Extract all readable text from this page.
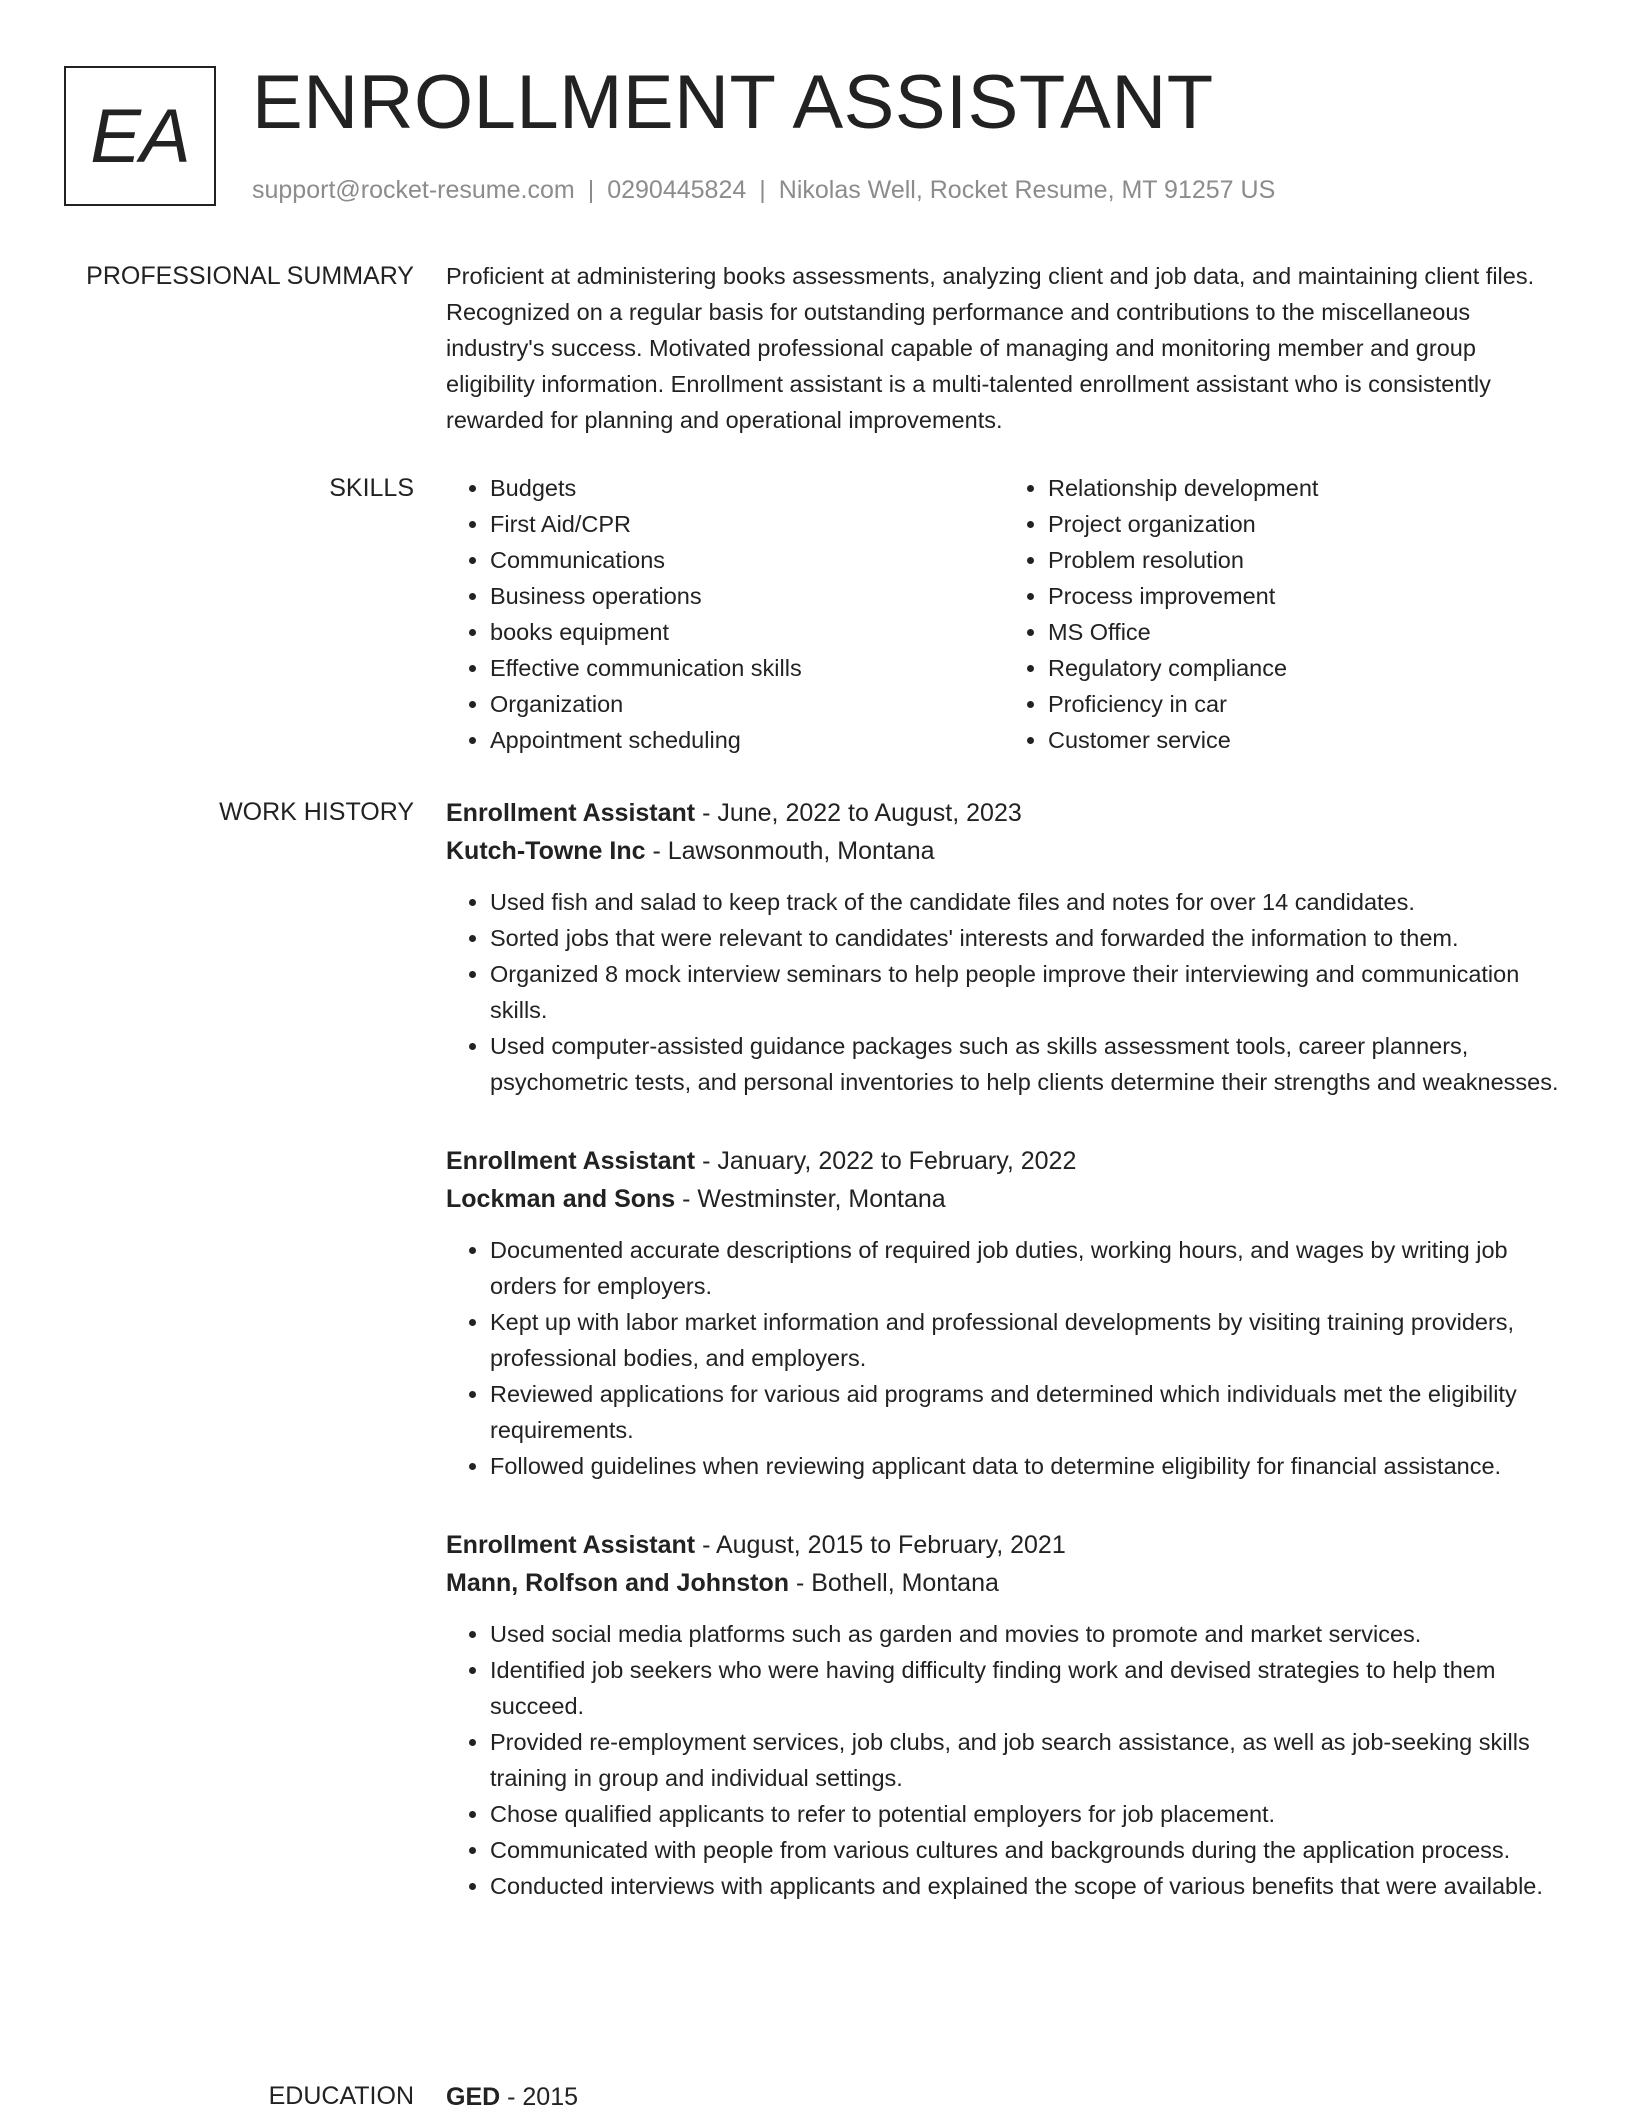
EA ENROLLMENT ASSISTANT
support@rocket-resume.com | 0290445824 | Nikolas Well, Rocket Resume, MT 91257 US
PROFESSIONAL SUMMARY Proficient at administering books assessments, analyzing client and job data, and maintaining client files. Recognized on a regular basis for outstanding performance and contributions to the miscellaneous industry's success. Motivated professional capable of managing and monitoring member and group eligibility information. Enrollment assistant is a multi-talented enrollment assistant who is consistently rewarded for planning and operational improvements.

SKILLS
•	Budgets
• First Aid/CPR
• Communications
• Business operations
• books equipment
• Effective communication skills
• Organization
• Appointment scheduling
• Relationship development
• Project organization
• Problem resolution
• Process improvement
• MS Office
• Regulatory compliance
• Proficiency in car
• Customer service
WORK HISTORY Enrollment Assistant - June, 2022 to August, 2023
Kutch-Towne Inc - Lawsonmouth, Montana
• Used fish and salad to keep track of the candidate files and notes for over 14 candidates.
• Sorted jobs that were relevant to candidates' interests and forwarded the information to them.
• Organized 8 mock interview seminars to help people improve their interviewing and communication skills.
• Used computer-assisted guidance packages such as skills assessment tools, career planners, psychometric tests, and personal inventories to help clients determine their strengths and weaknesses.
Enrollment Assistant - January, 2022 to February, 2022
Lockman and Sons - Westminster, Montana
• Documented accurate descriptions of required job duties, working hours, and wages by writing job orders for employers.
• Kept up with labor market information and professional developments by visiting training providers, professional bodies, and employers.
• Reviewed applications for various aid programs and determined which individuals met the eligibility requirements.
• Followed guidelines when reviewing applicant data to determine eligibility for financial assistance.
Enrollment Assistant - August, 2015 to February, 2021
Mann, Rolfson and Johnston - Bothell, Montana
• Used social media platforms such as garden and movies to promote and market services.
• Identified job seekers who were having difficulty finding work and devised strategies to help them succeed.
• Provided re-employment services, job clubs, and job search assistance, as well as job-seeking skills training in group and individual settings.
• Chose qualified applicants to refer to potential employers for job placement.
• Communicated with people from various cultures and backgrounds during the application process.
• Conducted interviews with applicants and explained the scope of various benefits that were available.
EDUCATION GED - 2015
